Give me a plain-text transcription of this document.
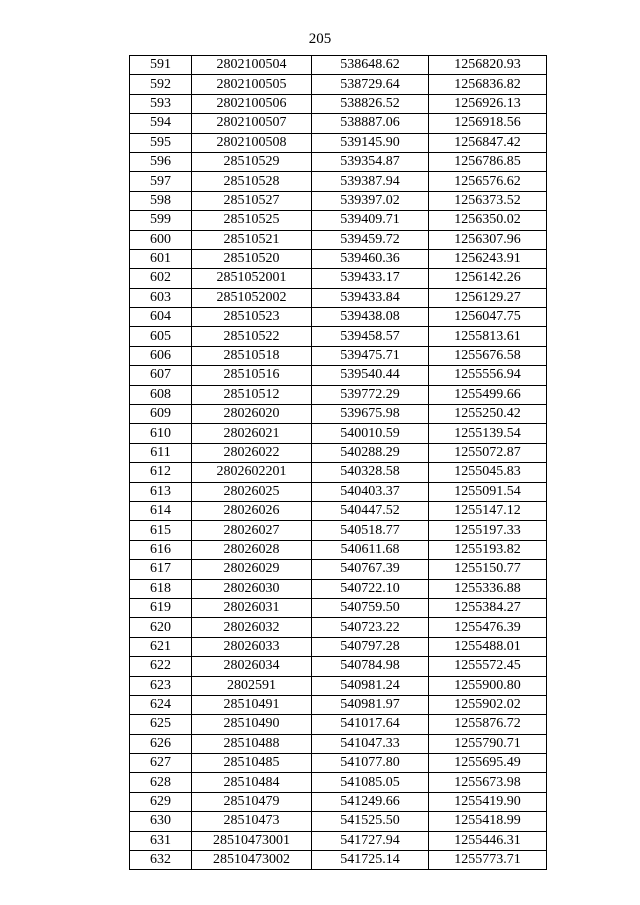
205
591	2802100504	538648.62	1256820.93
592	2802100505	538729.64	1256836.82
593	2802100506	538826.52	1256926.13
594	2802100507	538887.06	1256918.56
595	2802100508	539145.90	1256847.42
596	28510529	539354.87	1256786.85
597	28510528	539387.94	1256576.62
598	28510527	539397.02	1256373.52
599	28510525	539409.71	1256350.02
600	28510521	539459.72	1256307.96
601	28510520	539460.36	1256243.91
602	2851052001	539433.17	1256142.26
603	2851052002	539433.84	1256129.27
604	28510523	539438.08	1256047.75
605	28510522	539458.57	1255813.61
606	28510518	539475.71	1255676.58
607	28510516	539540.44	1255556.94
608	28510512	539772.29	1255499.66
609	28026020	539675.98	1255250.42
610	28026021	540010.59	1255139.54
611	28026022	540288.29	1255072.87
612	2802602201	540328.58	1255045.83
613	28026025	540403.37	1255091.54
614	28026026	540447.52	1255147.12
615	28026027	540518.77	1255197.33
616	28026028	540611.68	1255193.82
617	28026029	540767.39	1255150.77
618	28026030	540722.10	1255336.88
619	28026031	540759.50	1255384.27
620	28026032	540723.22	1255476.39
621	28026033	540797.28	1255488.01
622	28026034	540784.98	1255572.45
623	2802591	540981.24	1255900.80
624	28510491	540981.97	1255902.02
625	28510490	541017.64	1255876.72
626	28510488	541047.33	1255790.71
627	28510485	541077.80	1255695.49
628	28510484	541085.05	1255673.98
629	28510479	541249.66	1255419.90
630	28510473	541525.50	1255418.99
631	28510473001	541727.94	1255446.31
632	28510473002	541725.14	1255773.71
